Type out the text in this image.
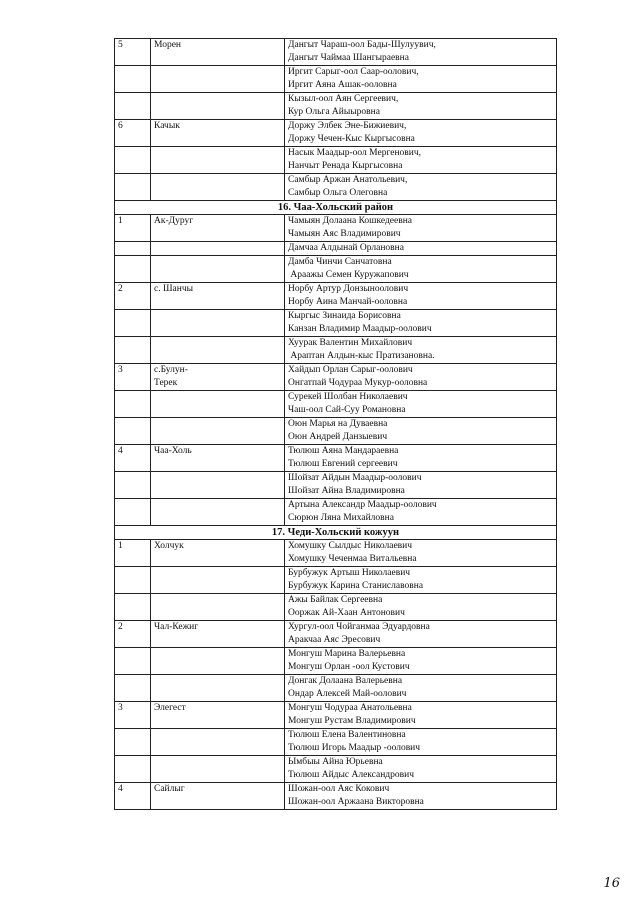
5	Морен	Дангыт Чараш-оол Бады-Шулуувич,
Дангыт Чаймаа Шангыраевна

		Иргит Сарыг-оол Саар-оолович,
Иргит Аяна Ашак-ооловна

		Кызыл-оол Аян Сергеевич,
Кур Ольга Айыыровна

6	Качык	Доржу Элбек Эне-Бижиевич,
Доржу Чечен-Кыс Кыргысовна

		Насык Маадыр-оол Мергенович,
Нанчыт Ренада Кыргысовна

		Самбыр Аржан Анатольевич,
Самбыр Ольга Олеговна

16. Чаа-Хольский район		
1	Ак-Дуруг	Чамыян Долаана Кошкедеевна
Чамыян Аяс Владимирович

		Дамчаа Алдынай Орлановна

		Дамба Чинчи Санчатовна
Араажы Семен Куружапович

2	с. Шанчы	Норбу Артур Донзыноолович
Норбу Аина Манчай-ооловна

		Кыргыс Зинаида Борисовна
Канзан Владимир Маадыр-оолович

		Хуурак Валентин Михайлович
Араптан Алдын-кыс Пратизановна.

3	с.Булун-
Терек	Хайдып Орлан Сарыг-оолович
Онгатпай Чодураа Мукур-ооловна

		Сурекей Шолбан Николаевич
Чаш-оол Сай-Суу Романовна

		Оюн Марья на Дуваевна
Оюн Андрей Данзыевич

4	Чаа-Холь	Тюлюш Аяна Мандараевна
Тюлюш Евгений сергеевич

		Шойзат Айдын Маадыр-оолович
Шойзат Айна Владимировна

		Артына Александр Маадыр-оолович
Сюрюн Ляна Михайловна

17. Чеди-Хольский кожуун		
1	Холчук	Хомушку Сылдыс Николаевич
Хомушку Чеченмаа Витальевна

		Бурбужук Артыш Николаевич
Бурбужук Карина Станиславовна

		Ажы Байлак Сергеевна
Ооржак Ай-Хаан Антонович

2	Чал-Кежиг	Хургул-оол Чойганмаа Эдуардовна
Аракчаа Аяс Эресович

		Монгуш Марина Валерьевна
Монгуш Орлан -оол Кустович

		Донгак Долаана Валерьевна
Ондар Алексей Май-оолович

3	Элегест	Монгуш Чодураа Анатольевна
Монгуш Рустам Владимирович

		Тюлюш Елена Валентиновна
Тюлюш Игорь Маадыр -оолович

		Ымбыы Айна Юрьевна
Тюлюш Айдыс Александрович

4	Сайлыг	Шожан-оол Аяс Кокович
Шожан-оол Аржаана Викторовна
16
